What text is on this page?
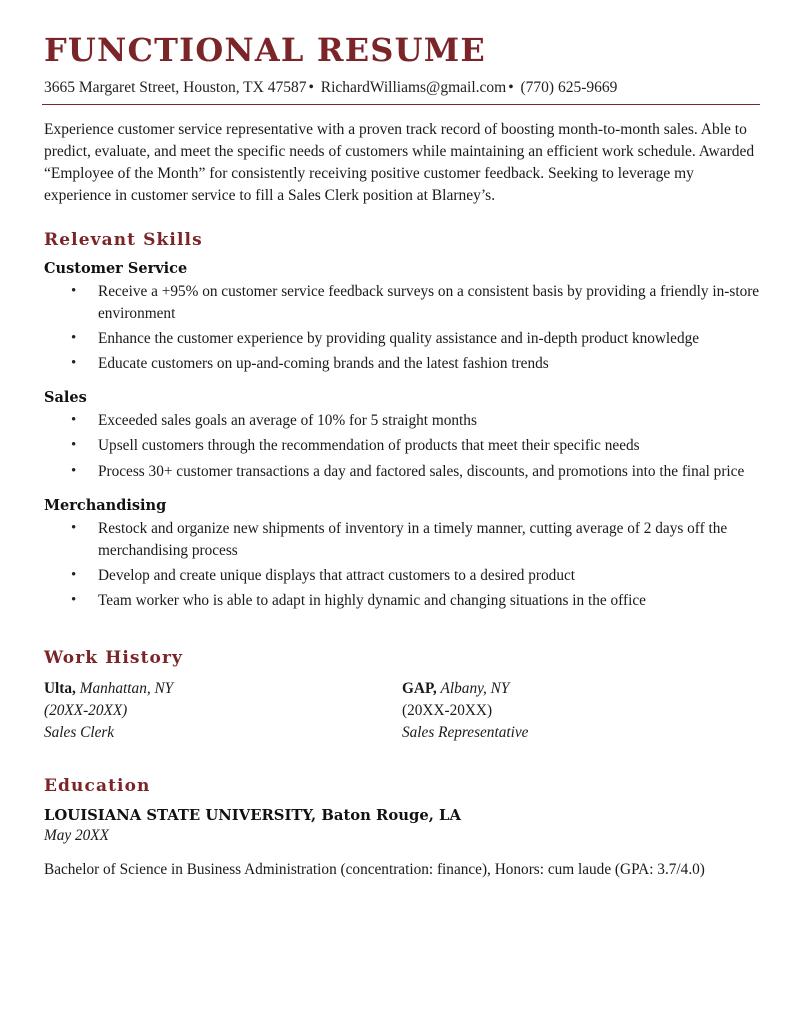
FUNCTIONAL RESUME
3665 Margaret Street, Houston, TX 47587 • RichardWilliams@gmail.com • (770) 625-9669

Experience customer service representative with a proven track record of boosting month-to-month sales. Able to predict, evaluate, and meet the specific needs of customers while maintaining an efficient work schedule. Awarded “Employee of the Month” for consistently receiving positive customer feedback. Seeking to leverage my experience in customer service to fill a Sales Clerk position at Blarney’s.

Relevant Skills
Customer Service
• Receive a +95% on customer service feedback surveys on a consistent basis by providing a friendly in-store environment
• Enhance the customer experience by providing quality assistance and in-depth product knowledge
• Educate customers on up-and-coming brands and the latest fashion trends
Sales
• Exceeded sales goals an average of 10% for 5 straight months
• Upsell customers through the recommendation of products that meet their specific needs
• Process 30+ customer transactions a day and factored sales, discounts, and promotions into the final price
Merchandising
• Restock and organize new shipments of inventory in a timely manner, cutting average of 2 days off the merchandising process
• Develop and create unique displays that attract customers to a desired product
• Team worker who is able to adapt in highly dynamic and changing situations in the office
Work History
Ulta, Manhattan, NY
(20XX-20XX)
Sales Clerk
GAP, Albany, NY
(20XX-20XX)
Sales Representative
Education
LOUISIANA STATE UNIVERSITY, Baton Rouge, LA
May 20XX
Bachelor of Science in Business Administration (concentration: finance), Honors: cum laude (GPA: 3.7/4.0)
